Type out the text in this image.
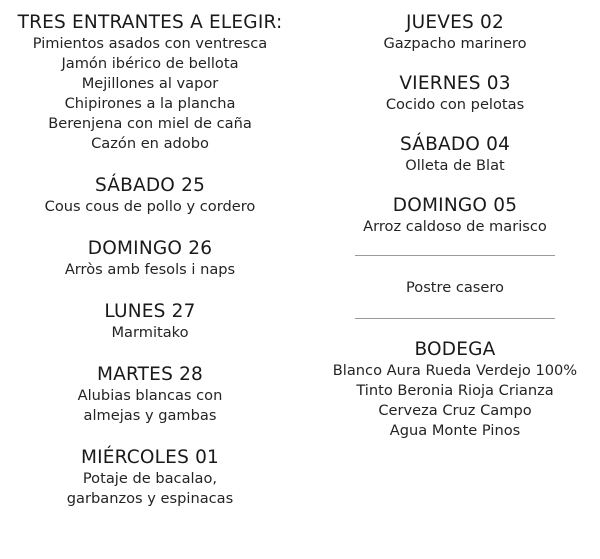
TRES ENTRANTES A ELEGIR:
Pimientos asados con ventresca
Jamón ibérico de bellota
Mejillones al vapor
Chipirones a la plancha
Berenjena con miel de caña
Cazón en adobo
SÁBADO 25
Cous cous de pollo y cordero
DOMINGO 26
Arròs amb fesols i naps
LUNES 27
Marmitako
MARTES 28
Alubias blancas con
almejas y gambas
MIÉRCOLES 01
Potaje de bacalao,
garbanzos y espinacas
JUEVES 02
Gazpacho marinero
VIERNES 03
Cocido con pelotas
SÁBADO 04
Olleta de Blat
DOMINGO 05
Arroz caldoso de marisco
Postre casero
BODEGA
Blanco Aura Rueda Verdejo 100%
Tinto Beronia Rioja Crianza
Cerveza Cruz Campo
Agua Monte Pinos
